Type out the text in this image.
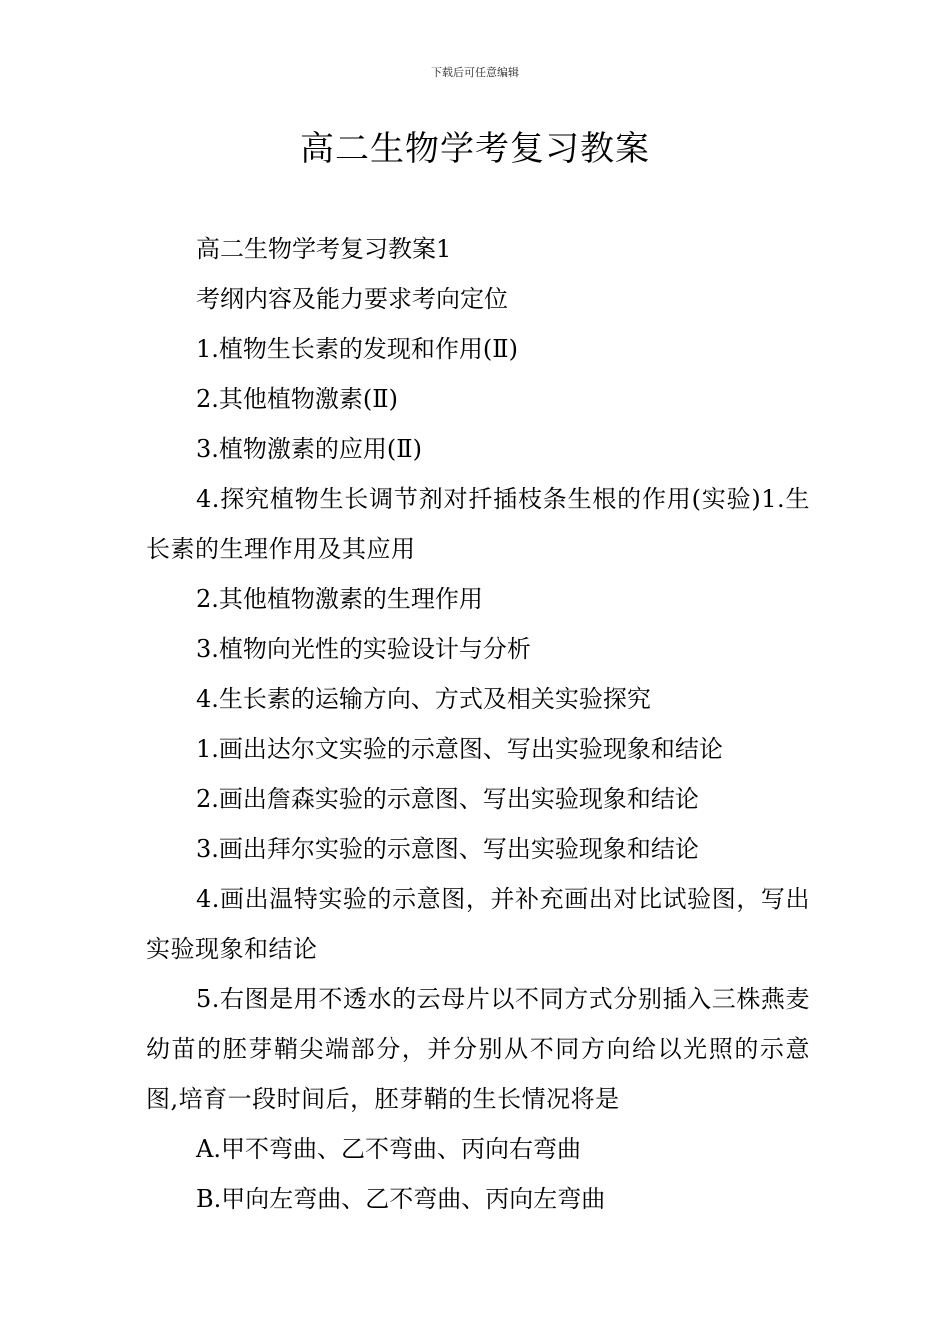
下载后可任意编辑
高二生物学考复习教案

高二生物学考复习教案1

考纲内容及能力要求考向定位

1.植物生长素的发现和作用(Ⅱ)

2.其他植物激素(Ⅱ)

3.植物激素的应用(Ⅱ)

4.探究植物生长调节剂对扦插枝条生根的作用(实验)1.生长素的生理作用及其应用

2.其他植物激素的生理作用

3.植物向光性的实验设计与分析

4.生长素的运输方向、方式及相关实验探究

1.画出达尔文实验的示意图、写出实验现象和结论

2.画出詹森实验的示意图、写出实验现象和结论

3.画出拜尔实验的示意图、写出实验现象和结论

4.画出温特实验的示意图，并补充画出对比试验图，写出实验现象和结论

5.右图是用不透水的云母片以不同方式分别插入三株燕麦幼苗的胚芽鞘尖端部分，并分别从不同方向给以光照的示意图,培育一段时间后，胚芽鞘的生长情况将是

A.甲不弯曲、乙不弯曲、丙向右弯曲

B.甲向左弯曲、乙不弯曲、丙向左弯曲
